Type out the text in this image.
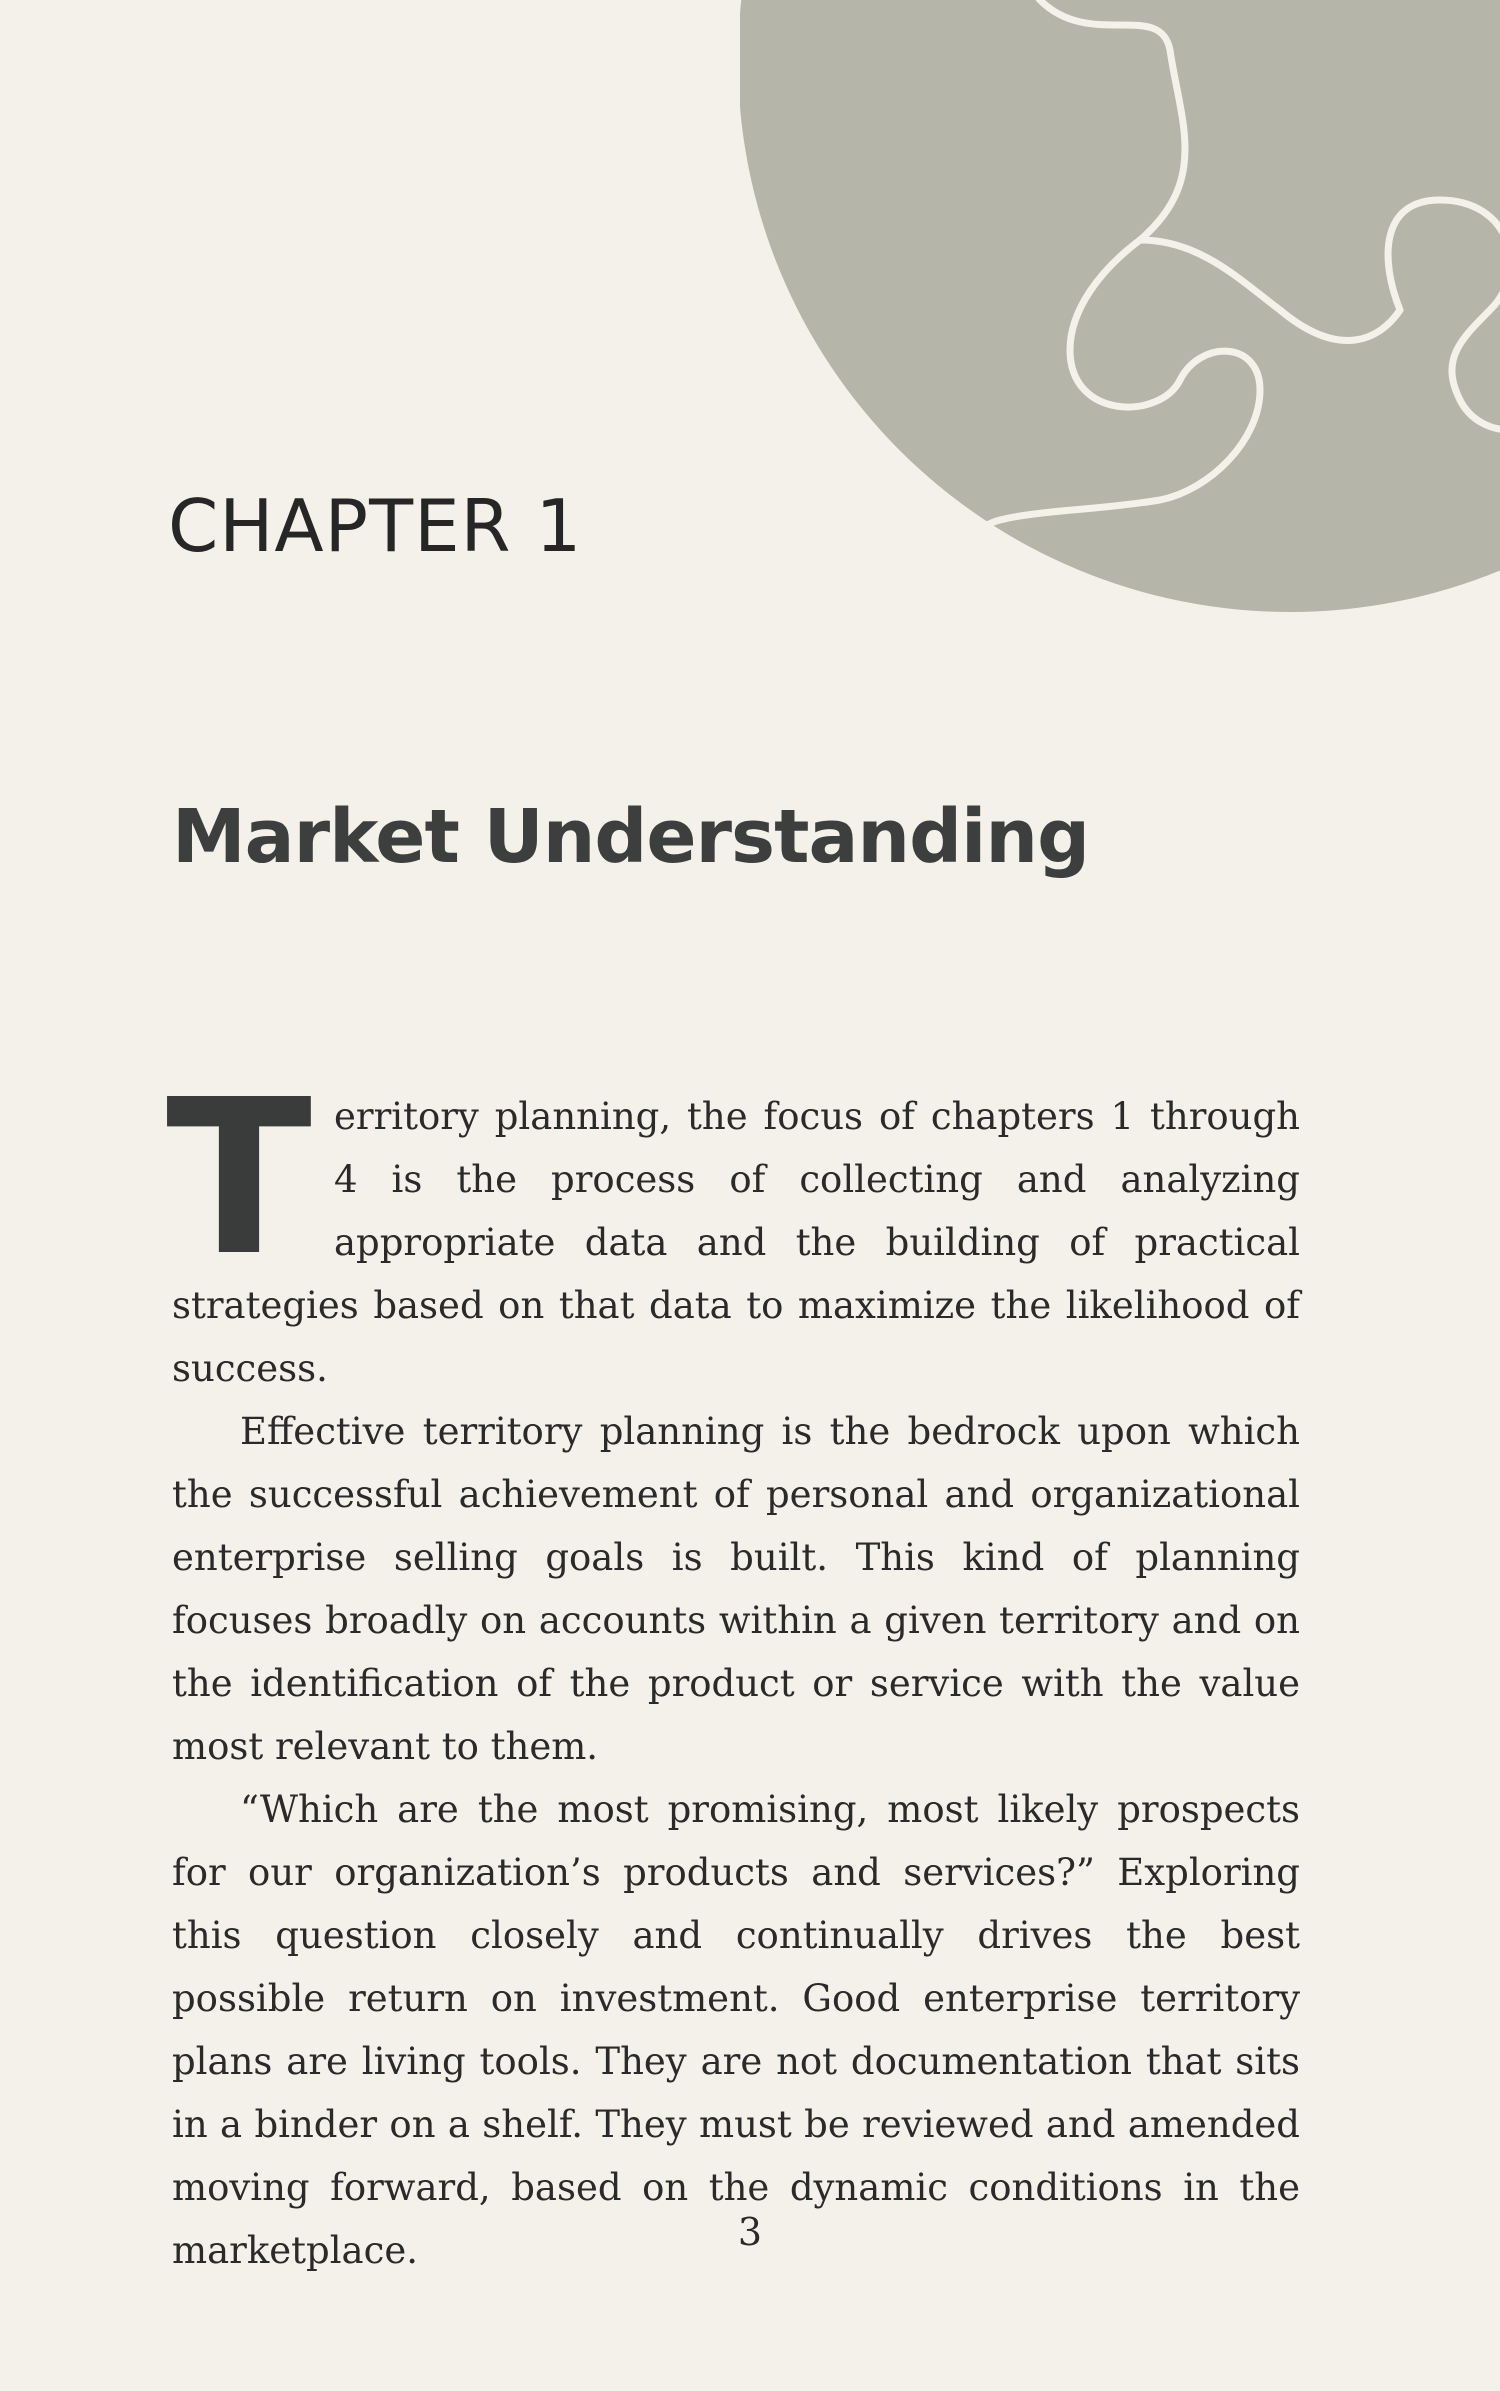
CHAPTER 1
Market Understanding

Territory planning, the focus of chapters 1 through 4 is the process of collecting and analyzing appropriate data and the building of practical strategies based on that data to maximize the likelihood of success.

Effective territory planning is the bedrock upon which the successful achievement of personal and organizational enterprise selling goals is built. This kind of planning focuses broadly on accounts within a given territory and on the identification of the product or service with the value most relevant to them.

“Which are the most promising, most likely prospects for our organization’s products and services?” Exploring this question closely and continually drives the best possible return on investment. Good enterprise territory plans are living tools. They are not documentation that sits in a binder on a shelf. They must be reviewed and amended moving forward, based on the dynamic conditions in the marketplace.	3
